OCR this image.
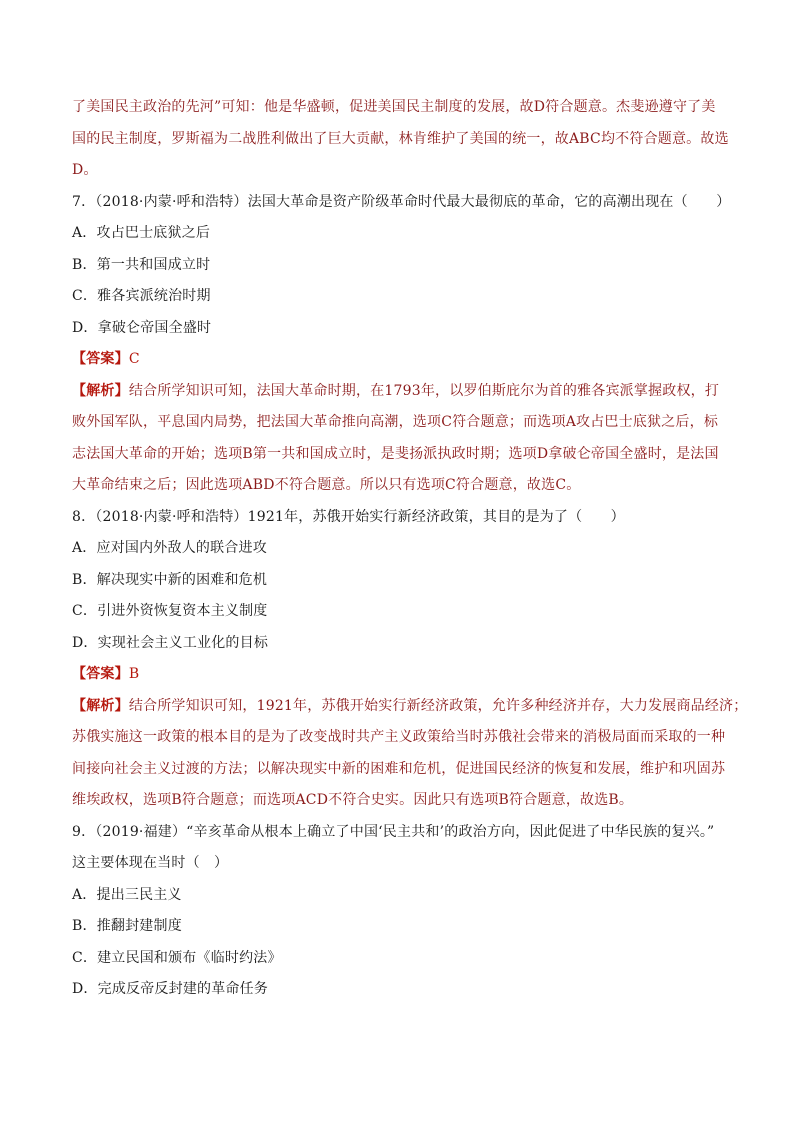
了美国民主政治的先河”可知：他是华盛顿，促进美国民主制度的发展，故D符合题意。杰斐逊遵守了美
国的民主制度，罗斯福为二战胜利做出了巨大贡献，林肯维护了美国的统一，故ABC均不符合题意。故选
D。
7．（2018·内蒙·呼和浩特）法国大革命是资产阶级革命时代最大最彻底的革命，它的高潮出现在（　　）
A．攻占巴士底狱之后
B．第一共和国成立时
C．雅各宾派统治时期
D．拿破仑帝国全盛时
【答案】C
【解析】结合所学知识可知，法国大革命时期，在1793年，以罗伯斯庇尔为首的雅各宾派掌握政权，打
败外国军队，平息国内局势，把法国大革命推向高潮，选项C符合题意；而选项A攻占巴士底狱之后，标
志法国大革命的开始；选项B第一共和国成立时，是斐扬派执政时期；选项D拿破仑帝国全盛时，是法国
大革命结束之后；因此选项ABD不符合题意。所以只有选项C符合题意，故选C。
8．（2018·内蒙·呼和浩特）1921年，苏俄开始实行新经济政策，其目的是为了（　　）
A．应对国内外敌人的联合进攻
B．解决现实中新的困难和危机
C．引进外资恢复资本主义制度
D．实现社会主义工业化的目标
【答案】B
【解析】结合所学知识可知，1921年，苏俄开始实行新经济政策，允许多种经济并存，大力发展商品经济；
苏俄实施这一政策的根本目的是为了改变战时共产主义政策给当时苏俄社会带来的消极局面而采取的一种
间接向社会主义过渡的方法；以解决现实中新的困难和危机，促进国民经济的恢复和发展，维护和巩固苏
维埃政权，选项B符合题意；而选项ACD不符合史实。因此只有选项B符合题意，故选B。
9．（2019·福建）“辛亥革命从根本上确立了中国‘民主共和’的政治方向，因此促进了中华民族的复兴。”
这主要体现在当时（　）
A．提出三民主义
B．推翻封建制度
C．建立民国和颁布《临时约法》
D．完成反帝反封建的革命任务
